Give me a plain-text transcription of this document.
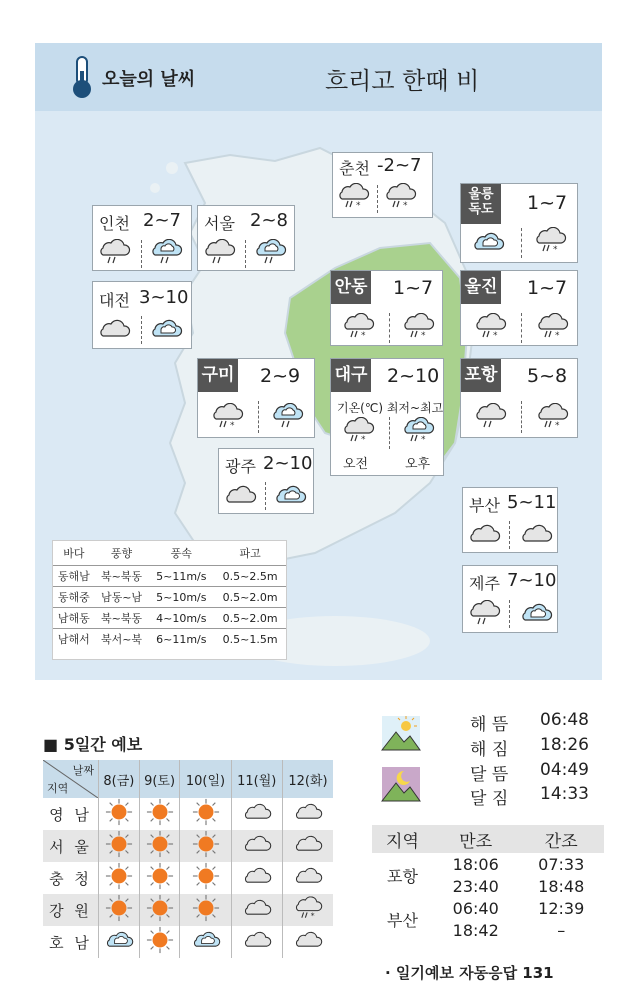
오늘의 날씨	흐리고 한때 비
춘천 -2~7
울릉
독도	1~7
인천 2~7 서울 2~8
대전 3~10	안동 1~7 울진 1~7
구미 2~9 대구 2~10
기온(℃) 최저~최고
오전	오후
포항 5~8
광주 2~10
부산 5~11
제주 7~10
바다	풍향	풍속	파고
동해남	북~북동	5~11m/s	0.5~2.5m
동해중	남동~남	5~10m/s	0.5~2.0m
남해동	북~북동	4~10m/s	0.5~2.0m
남해서	북서~북	6~11m/s	0.5~1.5m
■ 5일간 예보
날짜
지역	8(금)	9(토)	10(일)	11(월)	12(화)
영 남					
서 울					
충 청					
강 원					
호 남					
해 뜸 06:48
해 짐 18:26
달 뜸 04:49
달 짐 14:33
지역	만조	간조
포항	18:06	07:33
	23:40	18:48
부산	06:40	12:39
	18:42	–
· 일기예보 자동응답 131
